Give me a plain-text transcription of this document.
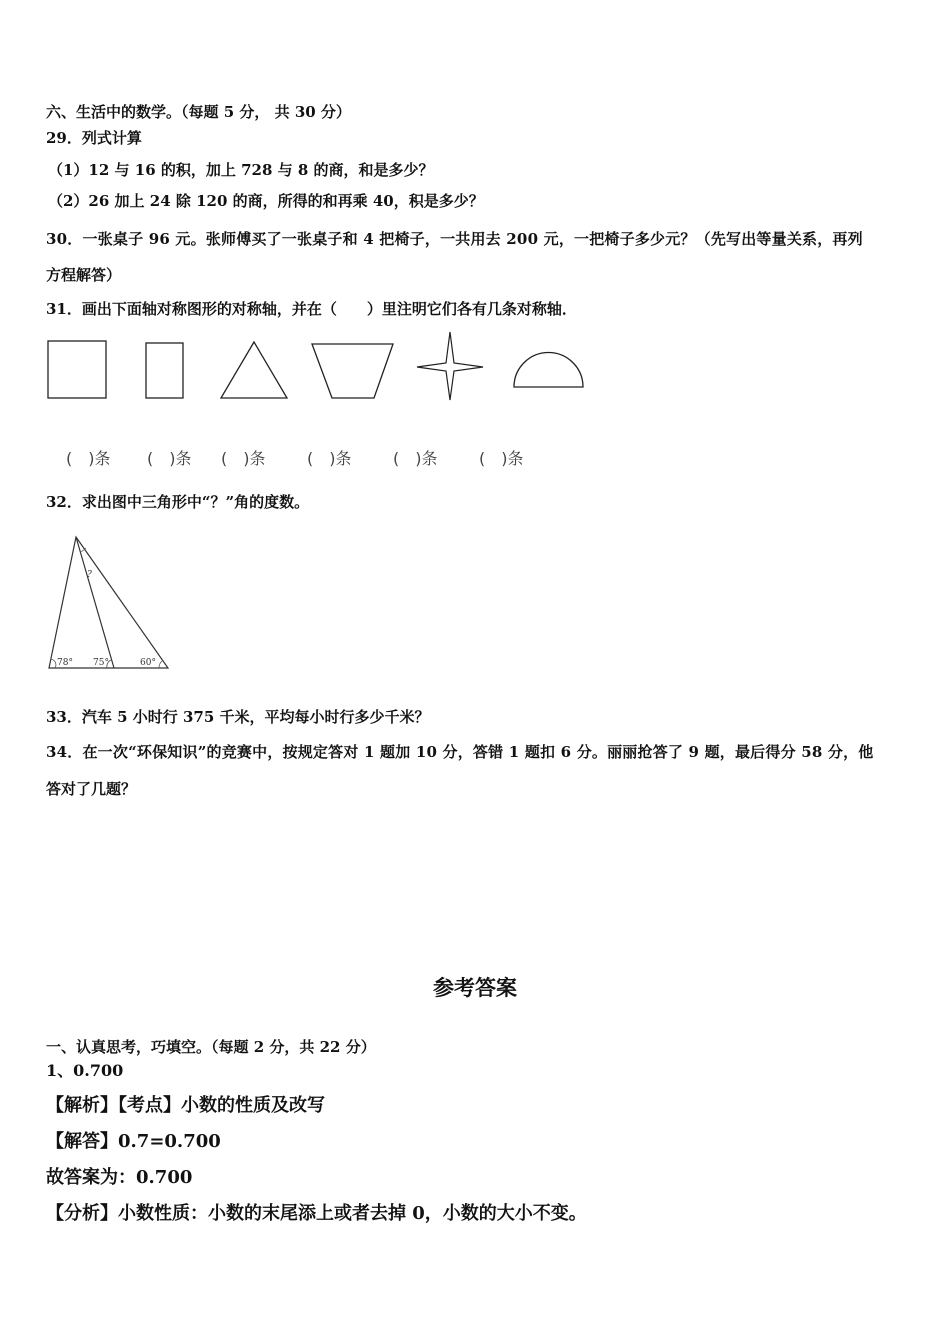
六、生活中的数学。（每题 5 分， 共 30 分）
29．列式计算
（1）12 与 16 的积，加上 728 与 8 的商，和是多少？
（2）26 加上 24 除 120 的商，所得的和再乘 40，积是多少？
30．一张桌子 96 元。张师傅买了一张桌子和 4 把椅子，一共用去 200 元，一把椅子多少元？（先写出等量关系，再列
方程解答）
31．画出下面轴对称图形的对称轴，并在（　　）里注明它们各有几条对称轴．
(　)条 (　)条 (　)条	(　)条	(　)条	(　)条
32．求出图中三角形中“？”角的度数。
?
78° 75°	60°
33．汽车 5 小时行 375 千米，平均每小时行多少千米？
34．在一次“环保知识”的竞赛中，按规定答对 1 题加 10 分，答错 1 题扣 6 分。丽丽抢答了 9 题，最后得分 58 分，他
答对了几题？
参考答案
一、认真思考，巧填空。（每题 2 分，共 22 分）
1、0.700
【解析】【考点】小数的性质及改写
【解答】0.7=0.700
故答案为：0.700
【分析】小数性质：小数的末尾添上或者去掉 0，小数的大小不变。
